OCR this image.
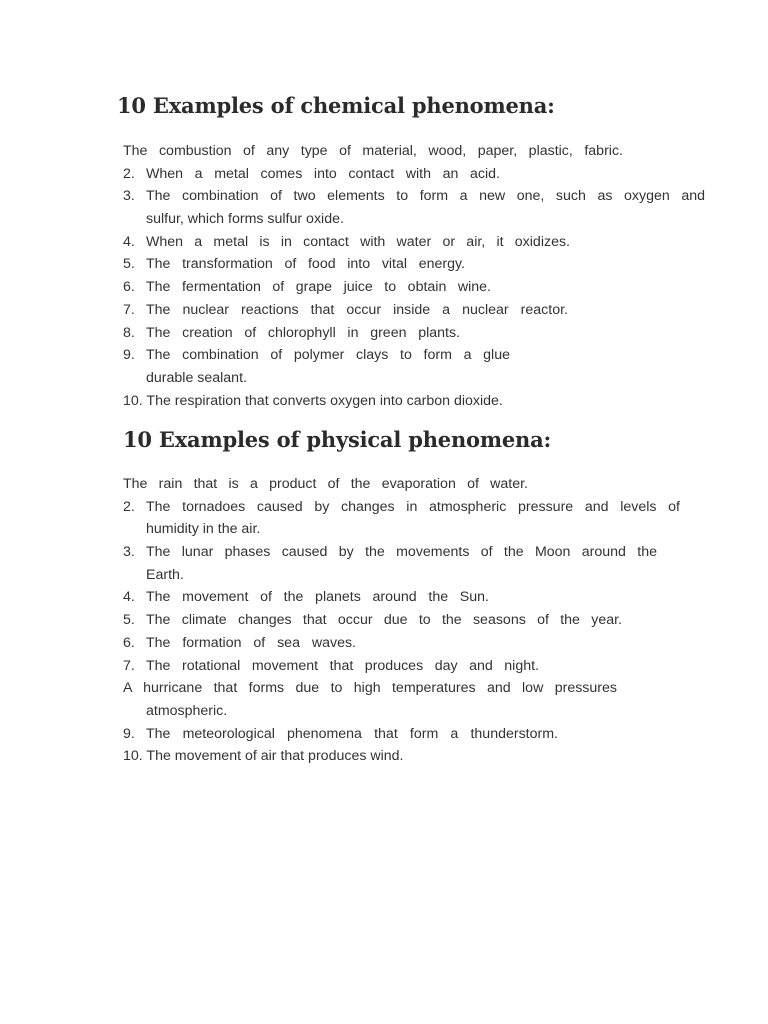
10 Examples of chemical phenomena:
The combustion of any type of material, wood, paper, plastic, fabric.
2. When a metal comes into contact with an acid.
3. The combination of two elements to form a new one, such as oxygen and
sulfur, which forms sulfur oxide.
4. When a metal is in contact with water or air, it oxidizes.
5. The transformation of food into vital energy.
6. The fermentation of grape juice to obtain wine.
7. The nuclear reactions that occur inside a nuclear reactor.
8. The creation of chlorophyll in green plants.
9. The combination of polymer clays to form a glue
durable sealant.
10. The respiration that converts oxygen into carbon dioxide.
10 Examples of physical phenomena:
The rain that is a product of the evaporation of water.
2. The tornadoes caused by changes in atmospheric pressure and levels of
humidity in the air.
3. The lunar phases caused by the movements of the Moon around the
Earth.
4. The movement of the planets around the Sun.
5. The climate changes that occur due to the seasons of the year.
6. The formation of sea waves.
7. The rotational movement that produces day and night.
A hurricane that forms due to high temperatures and low pressures
atmospheric.
9. The meteorological phenomena that form a thunderstorm.
10. The movement of air that produces wind.
